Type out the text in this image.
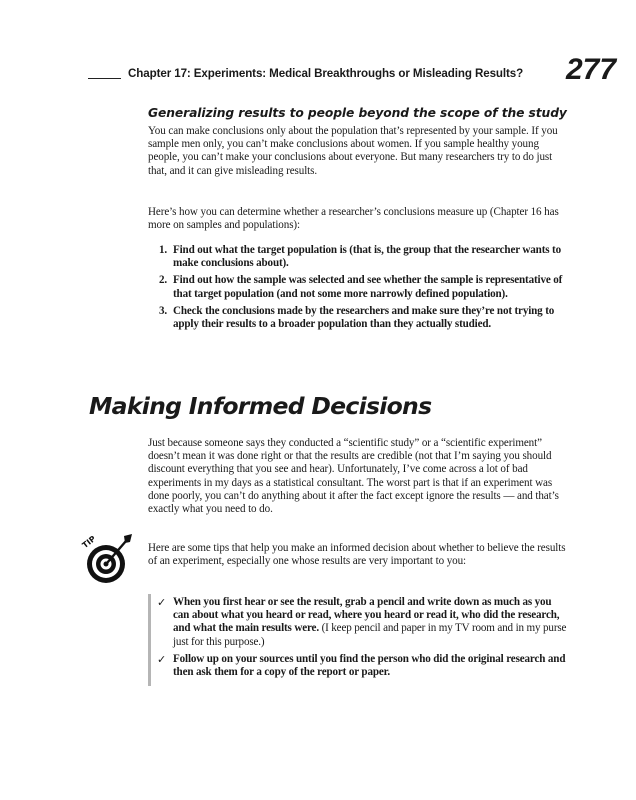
Chapter 17: Experiments: Medical Breakthroughs or Misleading Results?	277
Generalizing results to people beyond the scope of the study

You can make conclusions only about the population that’s represented by your sample. If you sample men only, you can’t make conclusions about women. If you sample healthy young people, you can’t make your conclusions about everyone. But many researchers try to do just that, and it can give misleading results.

Here’s how you can determine whether a researcher’s conclusions measure up (Chapter 16 has more on samples and populations):

1. Find out what the target population is (that is, the group that the researcher wants to make conclusions about).
2. Find out how the sample was selected and see whether the sample is representative of that target population (and not some more narrowly defined population).
3. Check the conclusions made by the researchers and make sure they’re not trying to apply their results to a broader population than they actually studied.
Making Informed Decisions

Just because someone says they conducted a “scientific study” or a “scientific experiment” doesn’t mean it was done right or that the results are credible (not that I’m saying you should discount everything that you see and hear). Unfortunately, I’ve come across a lot of bad experiments in my days as a statistical consultant. The worst part is that if an experiment was done poorly, you can’t do anything about it after the fact except ignore the results — and that’s exactly what you need to do.

TIP	Here are some tips that help you make an informed decision about whether to believe the results of an experiment, especially one whose results are very important to you:

✓ When you first hear or see the result, grab a pencil and write down as much as you can about what you heard or read, where you heard or read it, who did the research, and what the main results were. (I keep pencil and paper in my TV room and in my purse just for this purpose.)
✓ Follow up on your sources until you find the person who did the original research and then ask them for a copy of the report or paper.
